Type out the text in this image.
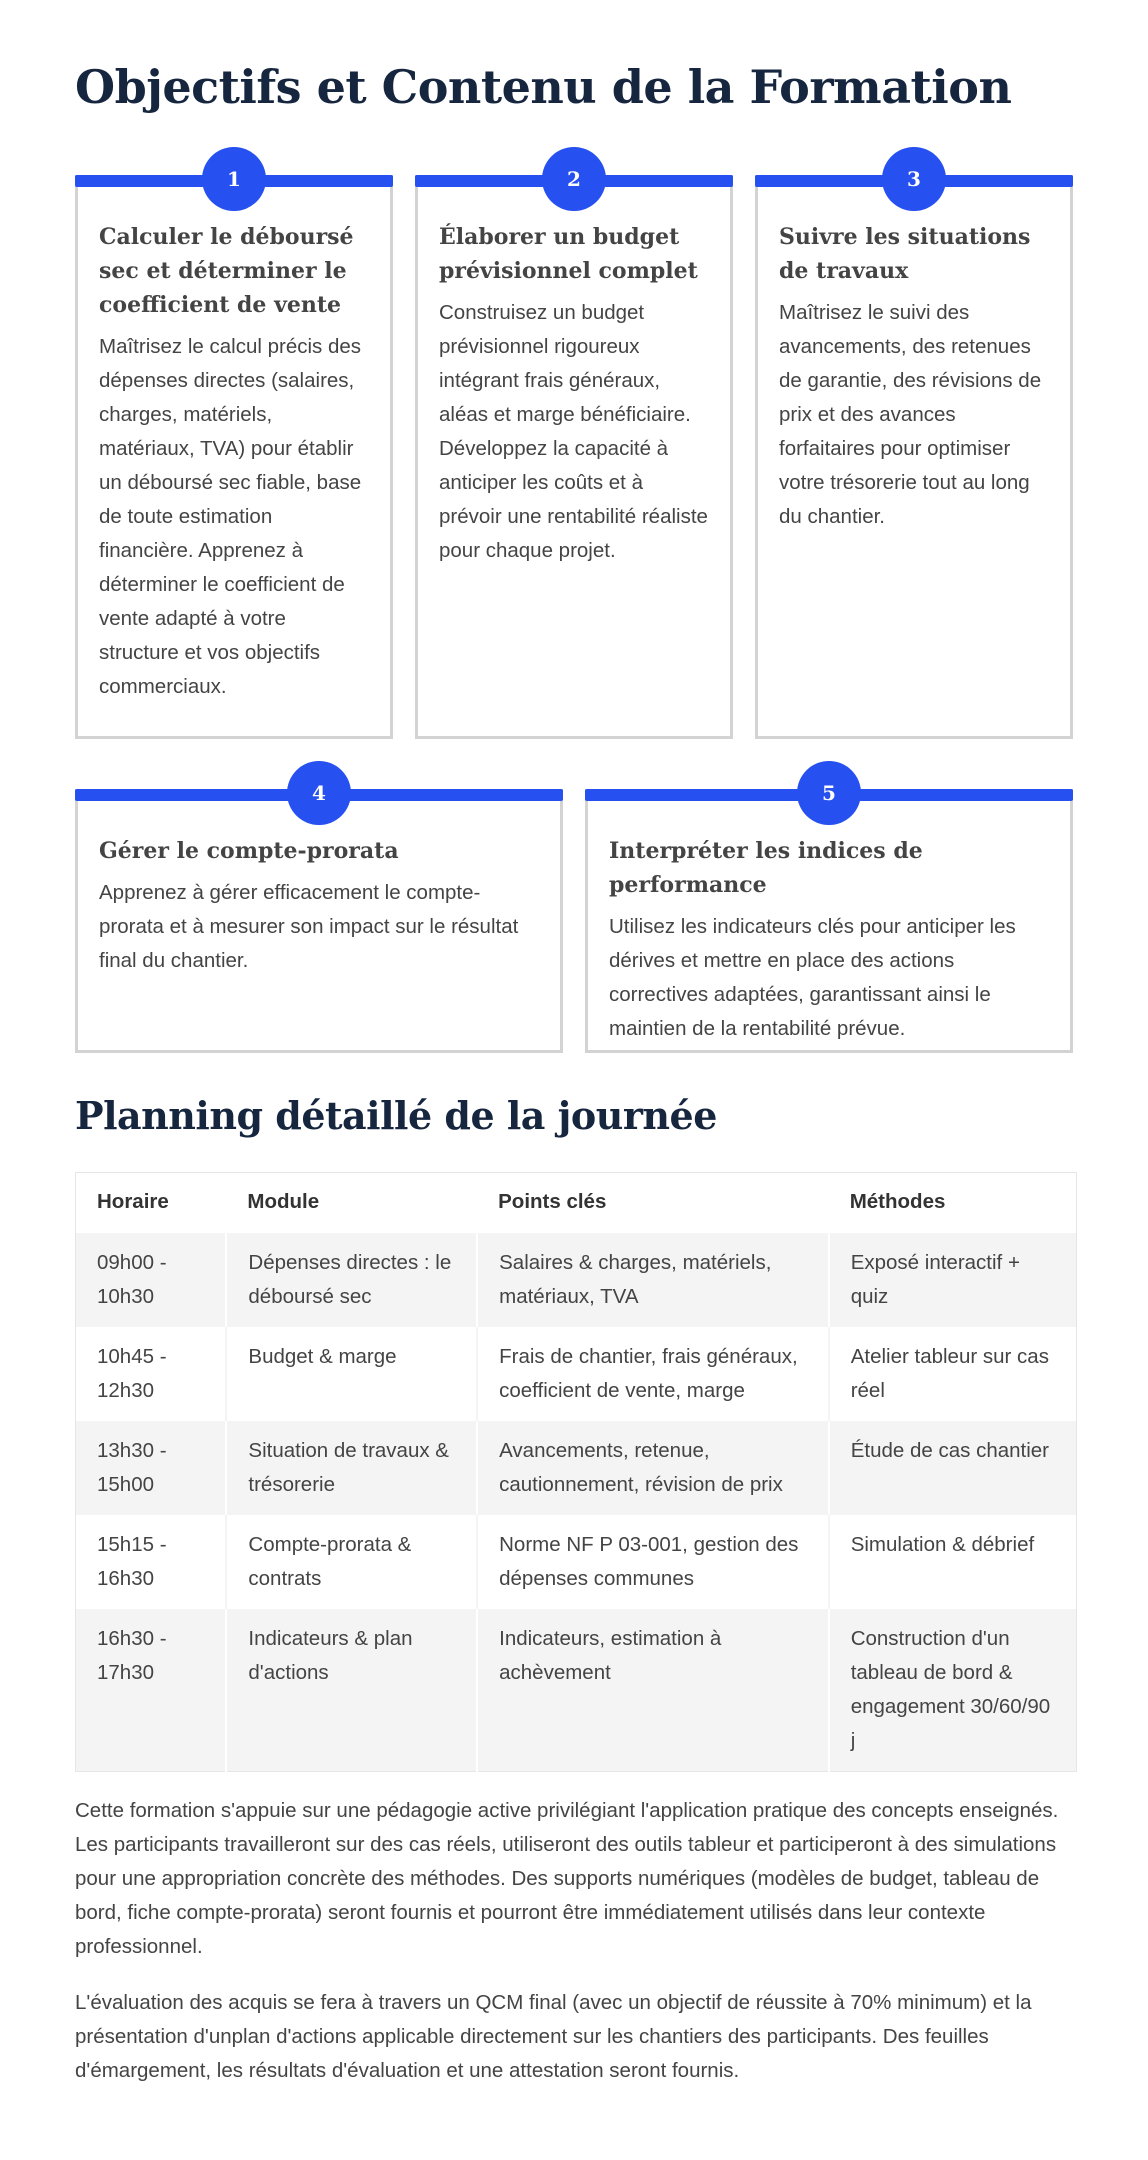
Objectifs et Contenu de la Formation
1
Calculer le déboursé sec et déterminer le coefficient de vente

Maîtrisez le calcul précis des dépenses directes (salaires, charges, matériels, matériaux, TVA) pour établir un déboursé sec fiable, base de toute estimation financière. Apprenez à déterminer le coefficient de vente adapté à votre structure et vos objectifs commerciaux.

2
Élaborer un budget prévisionnel complet

Construisez un budget prévisionnel rigoureux intégrant frais généraux, aléas et marge bénéficiaire. Développez la capacité à anticiper les coûts et à prévoir une rentabilité réaliste pour chaque projet.

3
Suivre les situations de travaux

Maîtrisez le suivi des avancements, des retenues de garantie, des révisions de prix et des avances forfaitaires pour optimiser votre trésorerie tout au long du chantier.

4
Gérer le compte-prorata

Apprenez à gérer efficacement le compte-prorata et à mesurer son impact sur le résultat final du chantier.

5
Interpréter les indices de performance

Utilisez les indicateurs clés pour anticiper les dérives et mettre en place des actions correctives adaptées, garantissant ainsi le maintien de la rentabilité prévue.

Planning détaillé de la journée
Horaire	Module	Points clés	Méthodes
09h00 - 10h30	Dépenses directes : le déboursé sec	Salaires & charges, matériels, matériaux, TVA	Exposé interactif + quiz
10h45 - 12h30	Budget & marge	Frais de chantier, frais généraux, coefficient de vente, marge	Atelier tableur sur cas réel
13h30 - 15h00	Situation de travaux & trésorerie	Avancements, retenue, cautionnement, révision de prix	Étude de cas chantier
15h15 - 16h30	Compte-prorata & contrats	Norme NF P 03-001, gestion des dépenses communes	Simulation & débrief
16h30 - 17h30	Indicateurs & plan d'actions	Indicateurs, estimation à achèvement	Construction d'un tableau de bord & engagement 30/60/90 j

Cette formation s'appuie sur une pédagogie active privilégiant l'application pratique des concepts enseignés. Les participants travailleront sur des cas réels, utiliseront des outils tableur et participeront à des simulations pour une appropriation concrète des méthodes. Des supports numériques (modèles de budget, tableau de bord, fiche compte-prorata) seront fournis et pourront être immédiatement utilisés dans leur contexte professionnel.

L'évaluation des acquis se fera à travers un QCM final (avec un objectif de réussite à 70% minimum) et la présentation d'unplan d'actions applicable directement sur les chantiers des participants. Des feuilles d'émargement, les résultats d'évaluation et une attestation seront fournis.
